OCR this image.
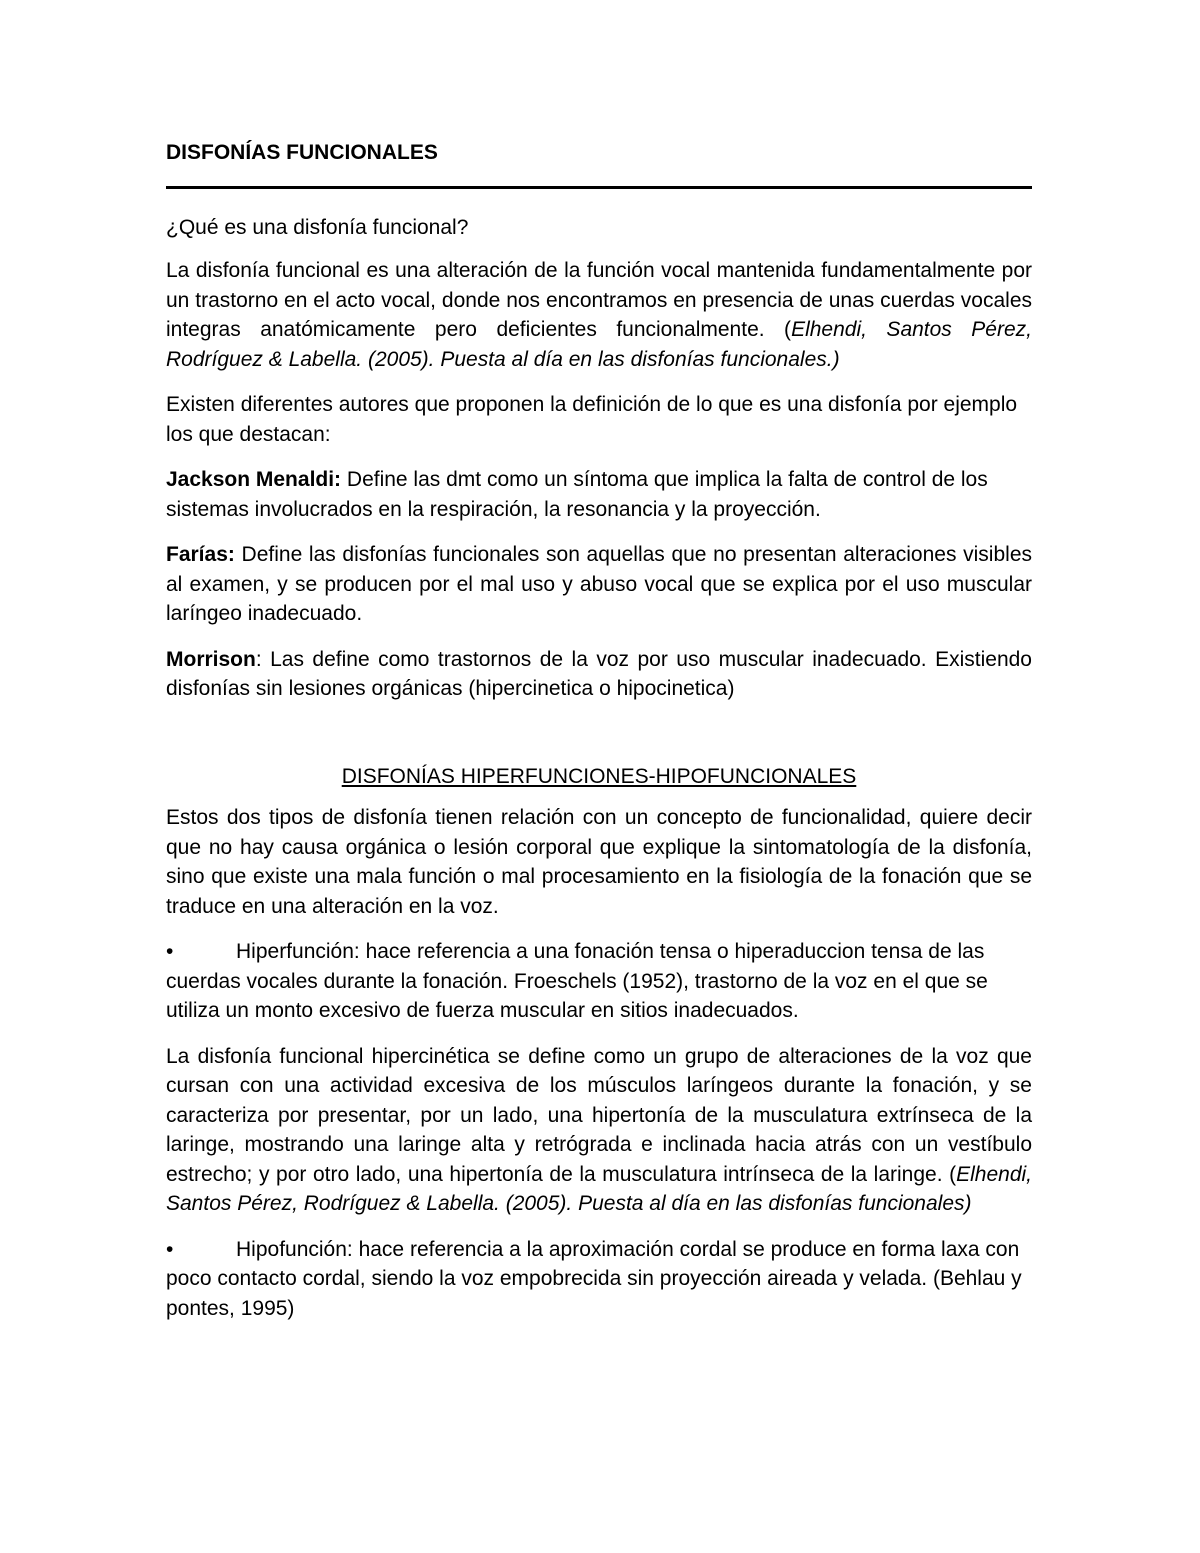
DISFONÍAS FUNCIONALES
¿Qué es una disfonía funcional?

La disfonía funcional es una alteración de la función vocal mantenida fundamentalmente por un trastorno en el acto vocal, donde nos encontramos en presencia de unas cuerdas vocales integras anatómicamente pero deficientes funcionalmente. (Elhendi, Santos Pérez, Rodríguez & Labella. (2005). Puesta al día en las disfonías funcionales.)

Existen diferentes autores que proponen la definición de lo que es una disfonía por ejemplo los que destacan:

Jackson Menaldi: Define las dmt como un síntoma que implica la falta de control de los sistemas involucrados en la respiración, la resonancia y la proyección.

Farías: Define las disfonías funcionales son aquellas que no presentan alteraciones visibles al examen, y se producen por el mal uso y abuso vocal que se explica por el uso muscular laríngeo inadecuado.

Morrison: Las define como trastornos de la voz por uso muscular inadecuado. Existiendo disfonías sin lesiones orgánicas (hipercinetica o hipocinetica)

DISFONÍAS HIPERFUNCIONES-HIPOFUNCIONALES

Estos dos tipos de disfonía tienen relación con un concepto de funcionalidad, quiere decir que no hay causa orgánica o lesión corporal que explique la sintomatología de la disfonía, sino que existe una mala función o mal procesamiento en la fisiología de la fonación que se traduce en una alteración en la voz.

•	Hiperfunción: hace referencia a una fonación tensa o hiperaduccion tensa de las cuerdas vocales durante la fonación. Froeschels (1952), trastorno de la voz en el que se utiliza un monto excesivo de fuerza muscular en sitios inadecuados.

La disfonía funcional hipercinética se define como un grupo de alteraciones de la voz que cursan con una actividad excesiva de los músculos laríngeos durante la fonación, y se caracteriza por presentar, por un lado, una hipertonía de la musculatura extrínseca de la laringe, mostrando una laringe alta y retrógrada e inclinada hacia atrás con un vestíbulo estrecho; y por otro lado, una hipertonía de la musculatura intrínseca de la laringe. (Elhendi, Santos Pérez, Rodríguez & Labella. (2005). Puesta al día en las disfonías funcionales)

•	Hipofunción: hace referencia a la aproximación cordal se produce en forma laxa con poco contacto cordal, siendo la voz empobrecida sin proyección aireada y velada. (Behlau y pontes, 1995)
